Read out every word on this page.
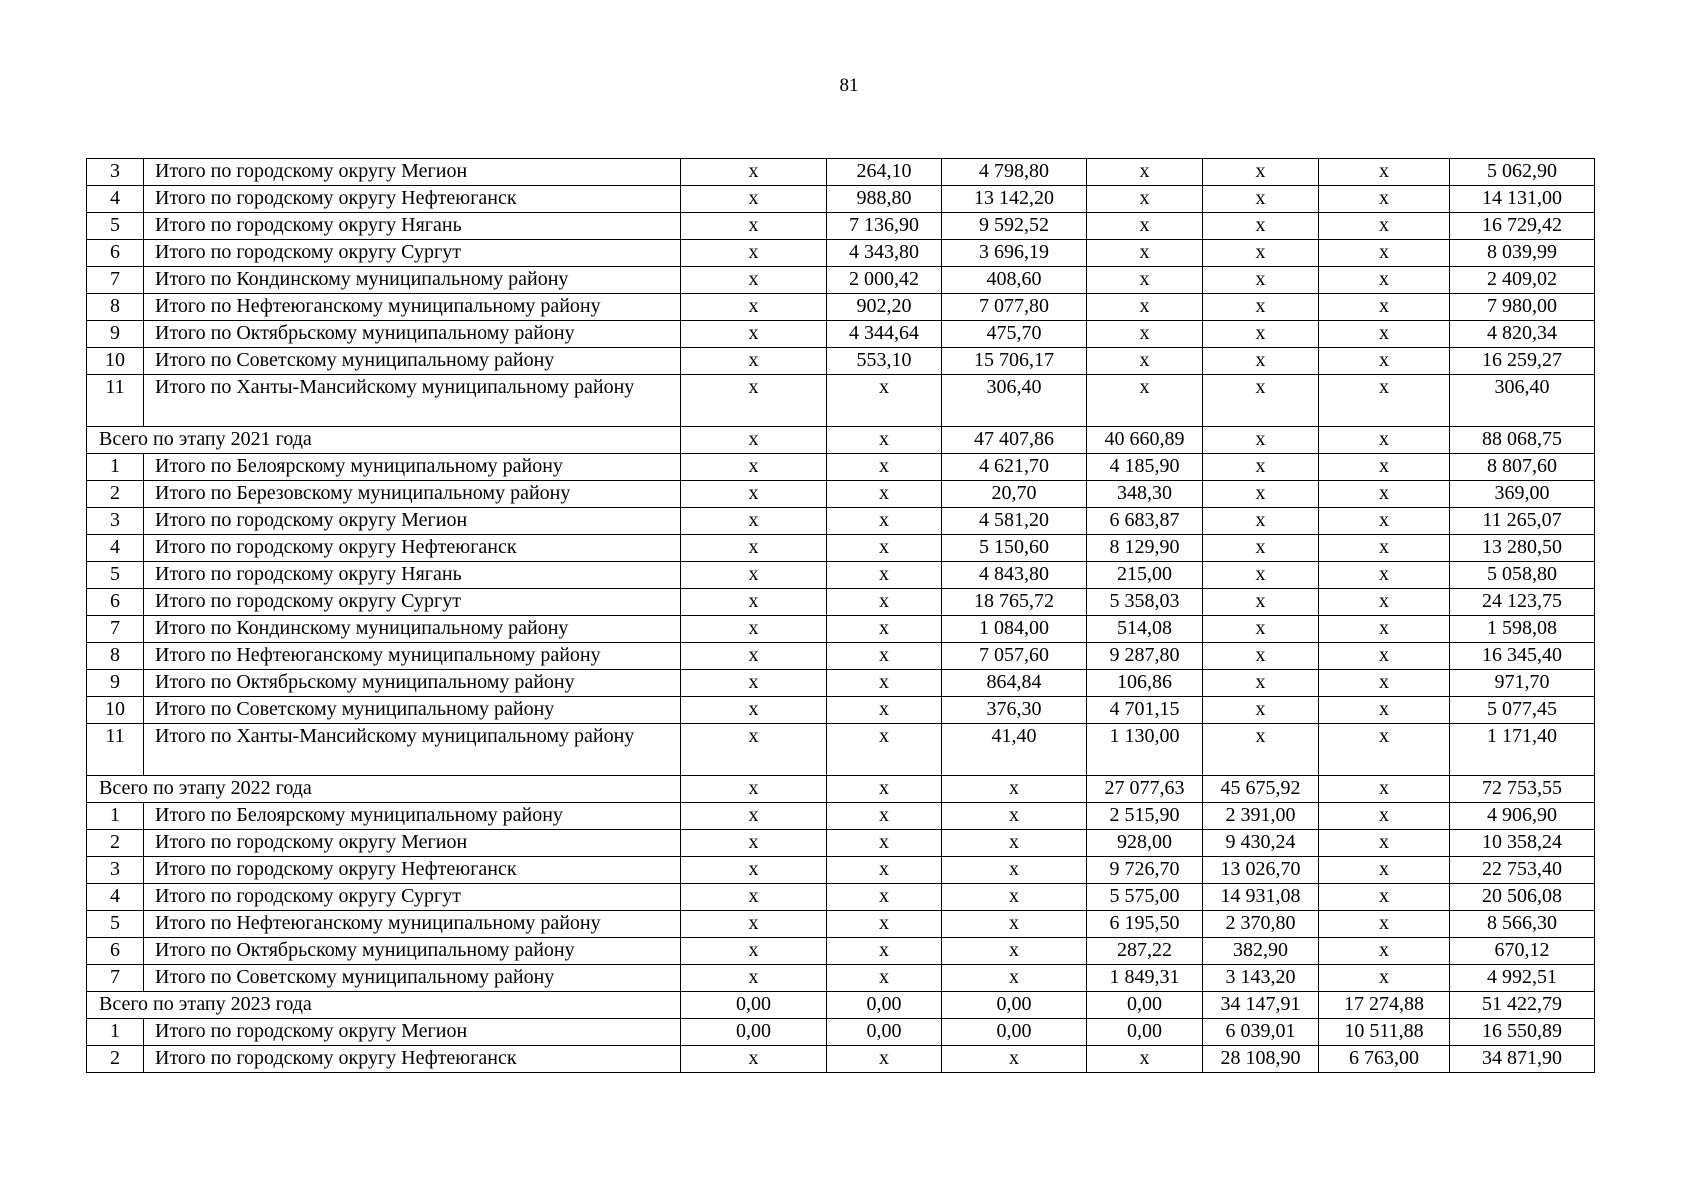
81
3	Итого по городскому округу Мегион	х	264,10	4 798,80	х	х	х	5 062,90
4	Итого по городскому округу Нефтеюганск	х	988,80	13 142,20	х	х	х	14 131,00
5	Итого по городскому округу Нягань	х	7 136,90	9 592,52	х	х	х	16 729,42
6	Итого по городскому округу Сургут	х	4 343,80	3 696,19	х	х	х	8 039,99
7	Итого по Кондинскому муниципальному району	х	2 000,42	408,60	х	х	х	2 409,02
8	Итого по Нефтеюганскому муниципальному району	х	902,20	7 077,80	х	х	х	7 980,00
9	Итого по Октябрьскому муниципальному району	х	4 344,64	475,70	х	х	х	4 820,34
10	Итого по Советскому муниципальному району	х	553,10	15 706,17	х	х	х	16 259,27
11	Итого по Ханты-Мансийскому муниципальному району	х	х	306,40	х	х	х	306,40
Всего по этапу 2021 года		х	х	47 407,86	40 660,89	х	х	88 068,75
1	Итого по Белоярскому муниципальному району	х	х	4 621,70	4 185,90	х	х	8 807,60
2	Итого по Березовскому муниципальному району	х	х	20,70	348,30	х	х	369,00
3	Итого по городскому округу Мегион	х	х	4 581,20	6 683,87	х	х	11 265,07
4	Итого по городскому округу Нефтеюганск	х	х	5 150,60	8 129,90	х	х	13 280,50
5	Итого по городскому округу Нягань	х	х	4 843,80	215,00	х	х	5 058,80
6	Итого по городскому округу Сургут	х	х	18 765,72	5 358,03	х	х	24 123,75
7	Итого по Кондинскому муниципальному району	х	х	1 084,00	514,08	х	х	1 598,08
8	Итого по Нефтеюганскому муниципальному району	х	х	7 057,60	9 287,80	х	х	16 345,40
9	Итого по Октябрьскому муниципальному району	х	х	864,84	106,86	х	х	971,70
10	Итого по Советскому муниципальному району	х	х	376,30	4 701,15	х	х	5 077,45
11	Итого по Ханты-Мансийскому муниципальному району	х	х	41,40	1 130,00	х	х	1 171,40
Всего по этапу 2022 года		х	х	х	27 077,63	45 675,92	х	72 753,55
1	Итого по Белоярскому муниципальному району	х	х	х	2 515,90	2 391,00	х	4 906,90
2	Итого по городскому округу Мегион	х	х	х	928,00	9 430,24	х	10 358,24
3	Итого по городскому округу Нефтеюганск	х	х	х	9 726,70	13 026,70	х	22 753,40
4	Итого по городскому округу Сургут	х	х	х	5 575,00	14 931,08	х	20 506,08
5	Итого по Нефтеюганскому муниципальному району	х	х	х	6 195,50	2 370,80	х	8 566,30
6	Итого по Октябрьскому муниципальному району	х	х	х	287,22	382,90	х	670,12
7	Итого по Советскому муниципальному району	х	х	х	1 849,31	3 143,20	х	4 992,51
Всего по этапу 2023 года		0,00	0,00	0,00	0,00	34 147,91	17 274,88	51 422,79
1	Итого по городскому округу Мегион	0,00	0,00	0,00	0,00	6 039,01	10 511,88	16 550,89
2	Итого по городскому округу Нефтеюганск	х	х	х	х	28 108,90	6 763,00	34 871,90
